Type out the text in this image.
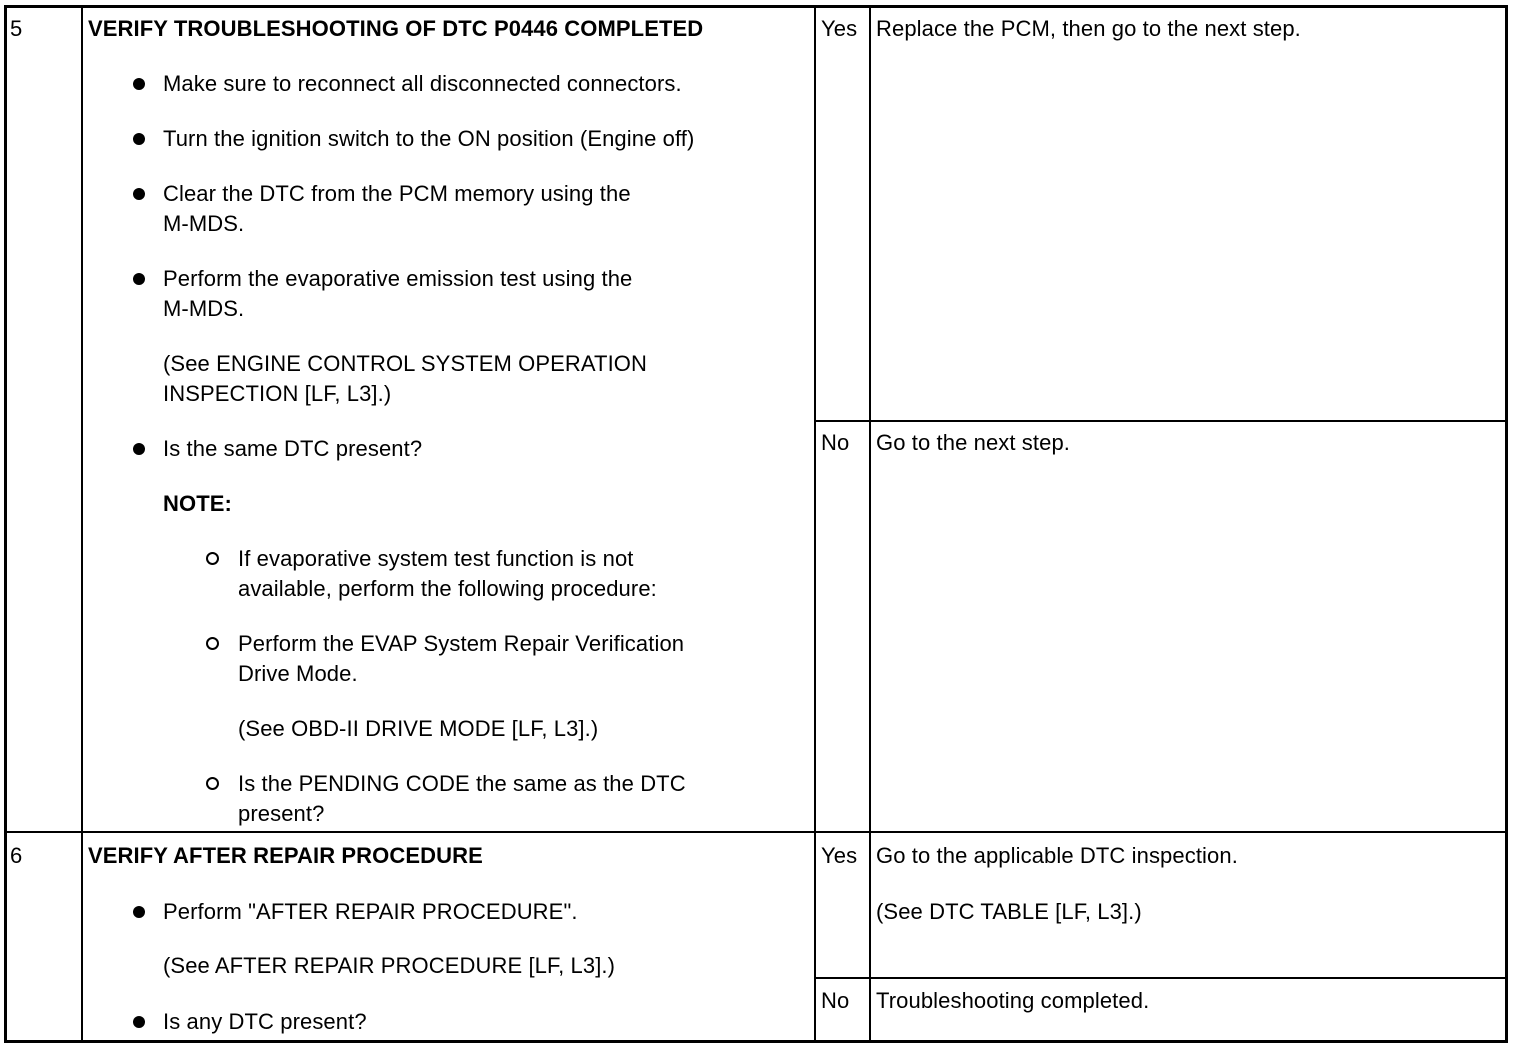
5	VERIFY TROUBLESHOOTING OF DTC P0446 COMPLETED
Make sure to reconnect all disconnected connectors.
Turn the ignition switch to the ON position (Engine off)
Clear the DTC from the PCM memory using the
M-MDS.
Perform the evaporative emission test using the
M-MDS.
(See ENGINE CONTROL SYSTEM OPERATION
INSPECTION [LF, L3].)
Is the same DTC present?
NOTE:
If evaporative system test function is not
available, perform the following procedure:
Perform the EVAP System Repair Verification
Drive Mode.
(See OBD-II DRIVE MODE [LF, L3].)
Is the PENDING CODE the same as the DTC
present?
Yes Replace the PCM, then go to the next step.
No Go to the next step.
6	VERIFY AFTER REPAIR PROCEDURE
Perform "AFTER REPAIR PROCEDURE".
(See AFTER REPAIR PROCEDURE [LF, L3].)
Is any DTC present?
Yes Go to the applicable DTC inspection.
(See DTC TABLE [LF, L3].)
No Troubleshooting completed.
